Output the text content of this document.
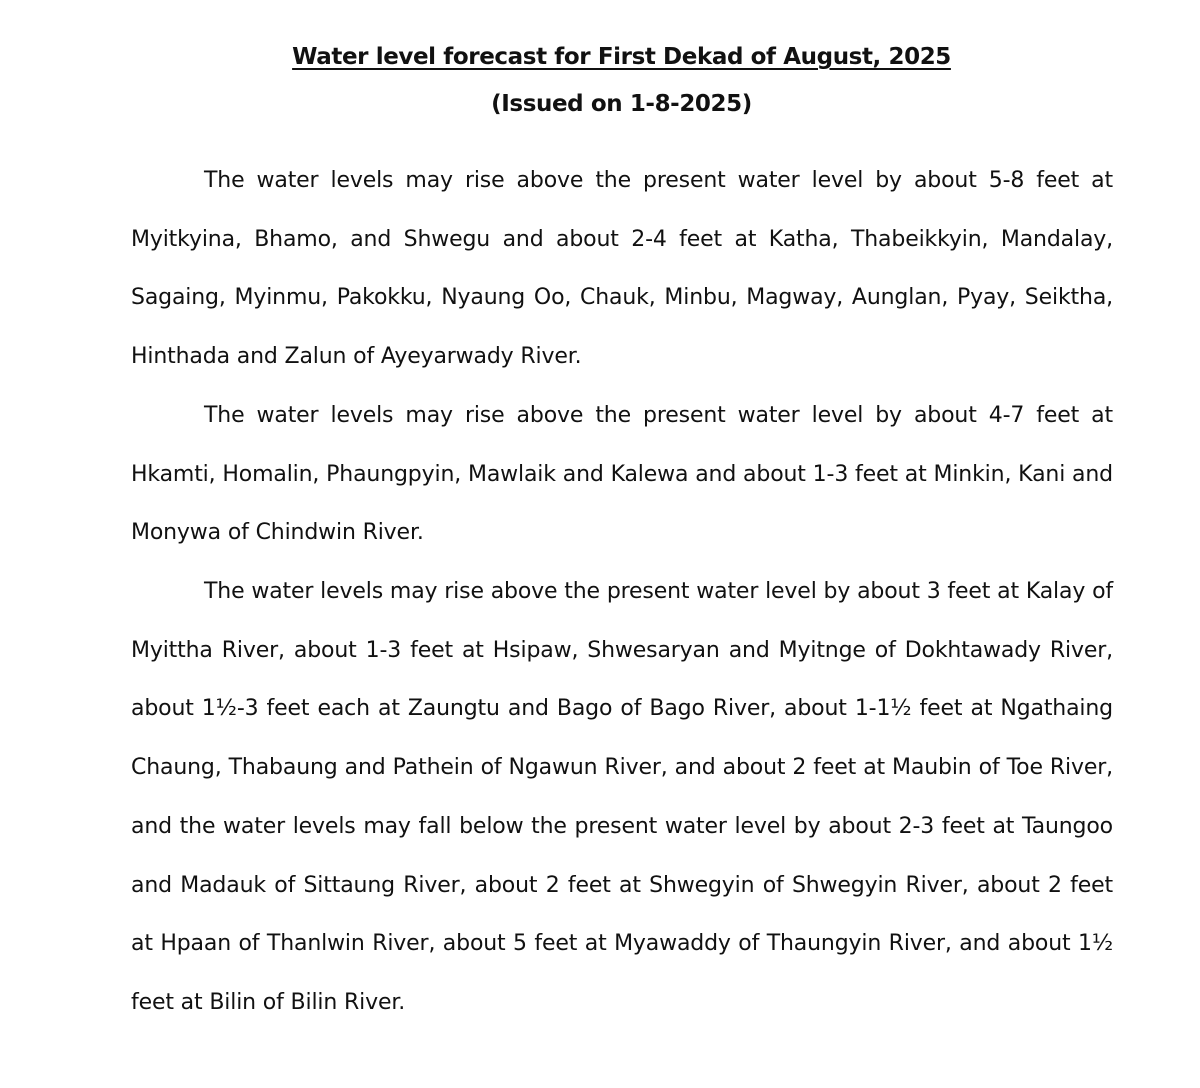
Water level forecast for First Dekad of August, 2025
(Issued on 1-8-2025)

The water levels may rise above the present water level by about 5-8 feet at Myitkyina, Bhamo, and Shwegu and about 2-4 feet at Katha, Thabeikkyin, Mandalay, Sagaing, Myinmu, Pakokku, Nyaung Oo, Chauk, Minbu, Magway, Aunglan, Pyay, Seiktha, Hinthada and Zalun of Ayeyarwady River.

The water levels may rise above the present water level by about 4-7 feet at Hkamti, Homalin, Phaungpyin, Mawlaik and Kalewa and about 1-3 feet at Minkin, Kani and Monywa of Chindwin River.

The water levels may rise above the present water level by about 3 feet at Kalay of Myittha River, about 1-3 feet at Hsipaw, Shwesaryan and Myitnge of Dokhtawady River, about 1½-3 feet each at Zaungtu and Bago of Bago River, about 1-1½ feet at Ngathaing Chaung, Thabaung and Pathein of Ngawun River, and about 2 feet at Maubin of Toe River, and the water levels may fall below the present water level by about 2-3 feet at Taungoo and Madauk of Sittaung River, about 2 feet at Shwegyin of Shwegyin River, about 2 feet at Hpaan of Thanlwin River, about 5 feet at Myawaddy of Thaungyin River, and about 1½ feet at Bilin of Bilin River.
